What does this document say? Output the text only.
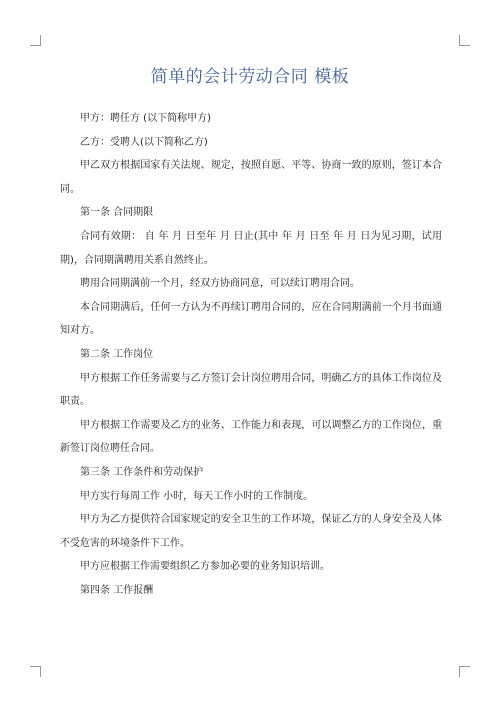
简单的会计劳动合同 模板

甲方：聘任方 (以下简称甲方)

乙方：受聘人(以下简称乙方)

甲乙双方根据国家有关法规、规定，按照自愿、平等、协商一致的原则，签订本合同。

第一条 合同期限

合同有效期： 自 年 月 日至年 月 日止(其中 年 月 日至 年 月 日为见习期，试用期)，合同期满聘用关系自然终止。

聘用合同期满前一个月，经双方协商同意，可以续订聘用合同。

本合同期满后，任何一方认为不再续订聘用合同的，应在合同期满前一个月书面通知对方。

第二条 工作岗位

甲方根据工作任务需要与乙方签订会计岗位聘用合同，明确乙方的具体工作岗位及职责。

甲方根据工作需要及乙方的业务、工作能力和表现，可以调整乙方的工作岗位，重新签订岗位聘任合同。

第三条 工作条件和劳动保护

甲方实行每周工作 小时，每天工作小时的工作制度。

甲方为乙方提供符合国家规定的安全卫生的工作环境，保证乙方的人身安全及人体不受危害的环境条件下工作。

甲方应根据工作需要组织乙方参加必要的业务知识培训。

第四条 工作报酬
